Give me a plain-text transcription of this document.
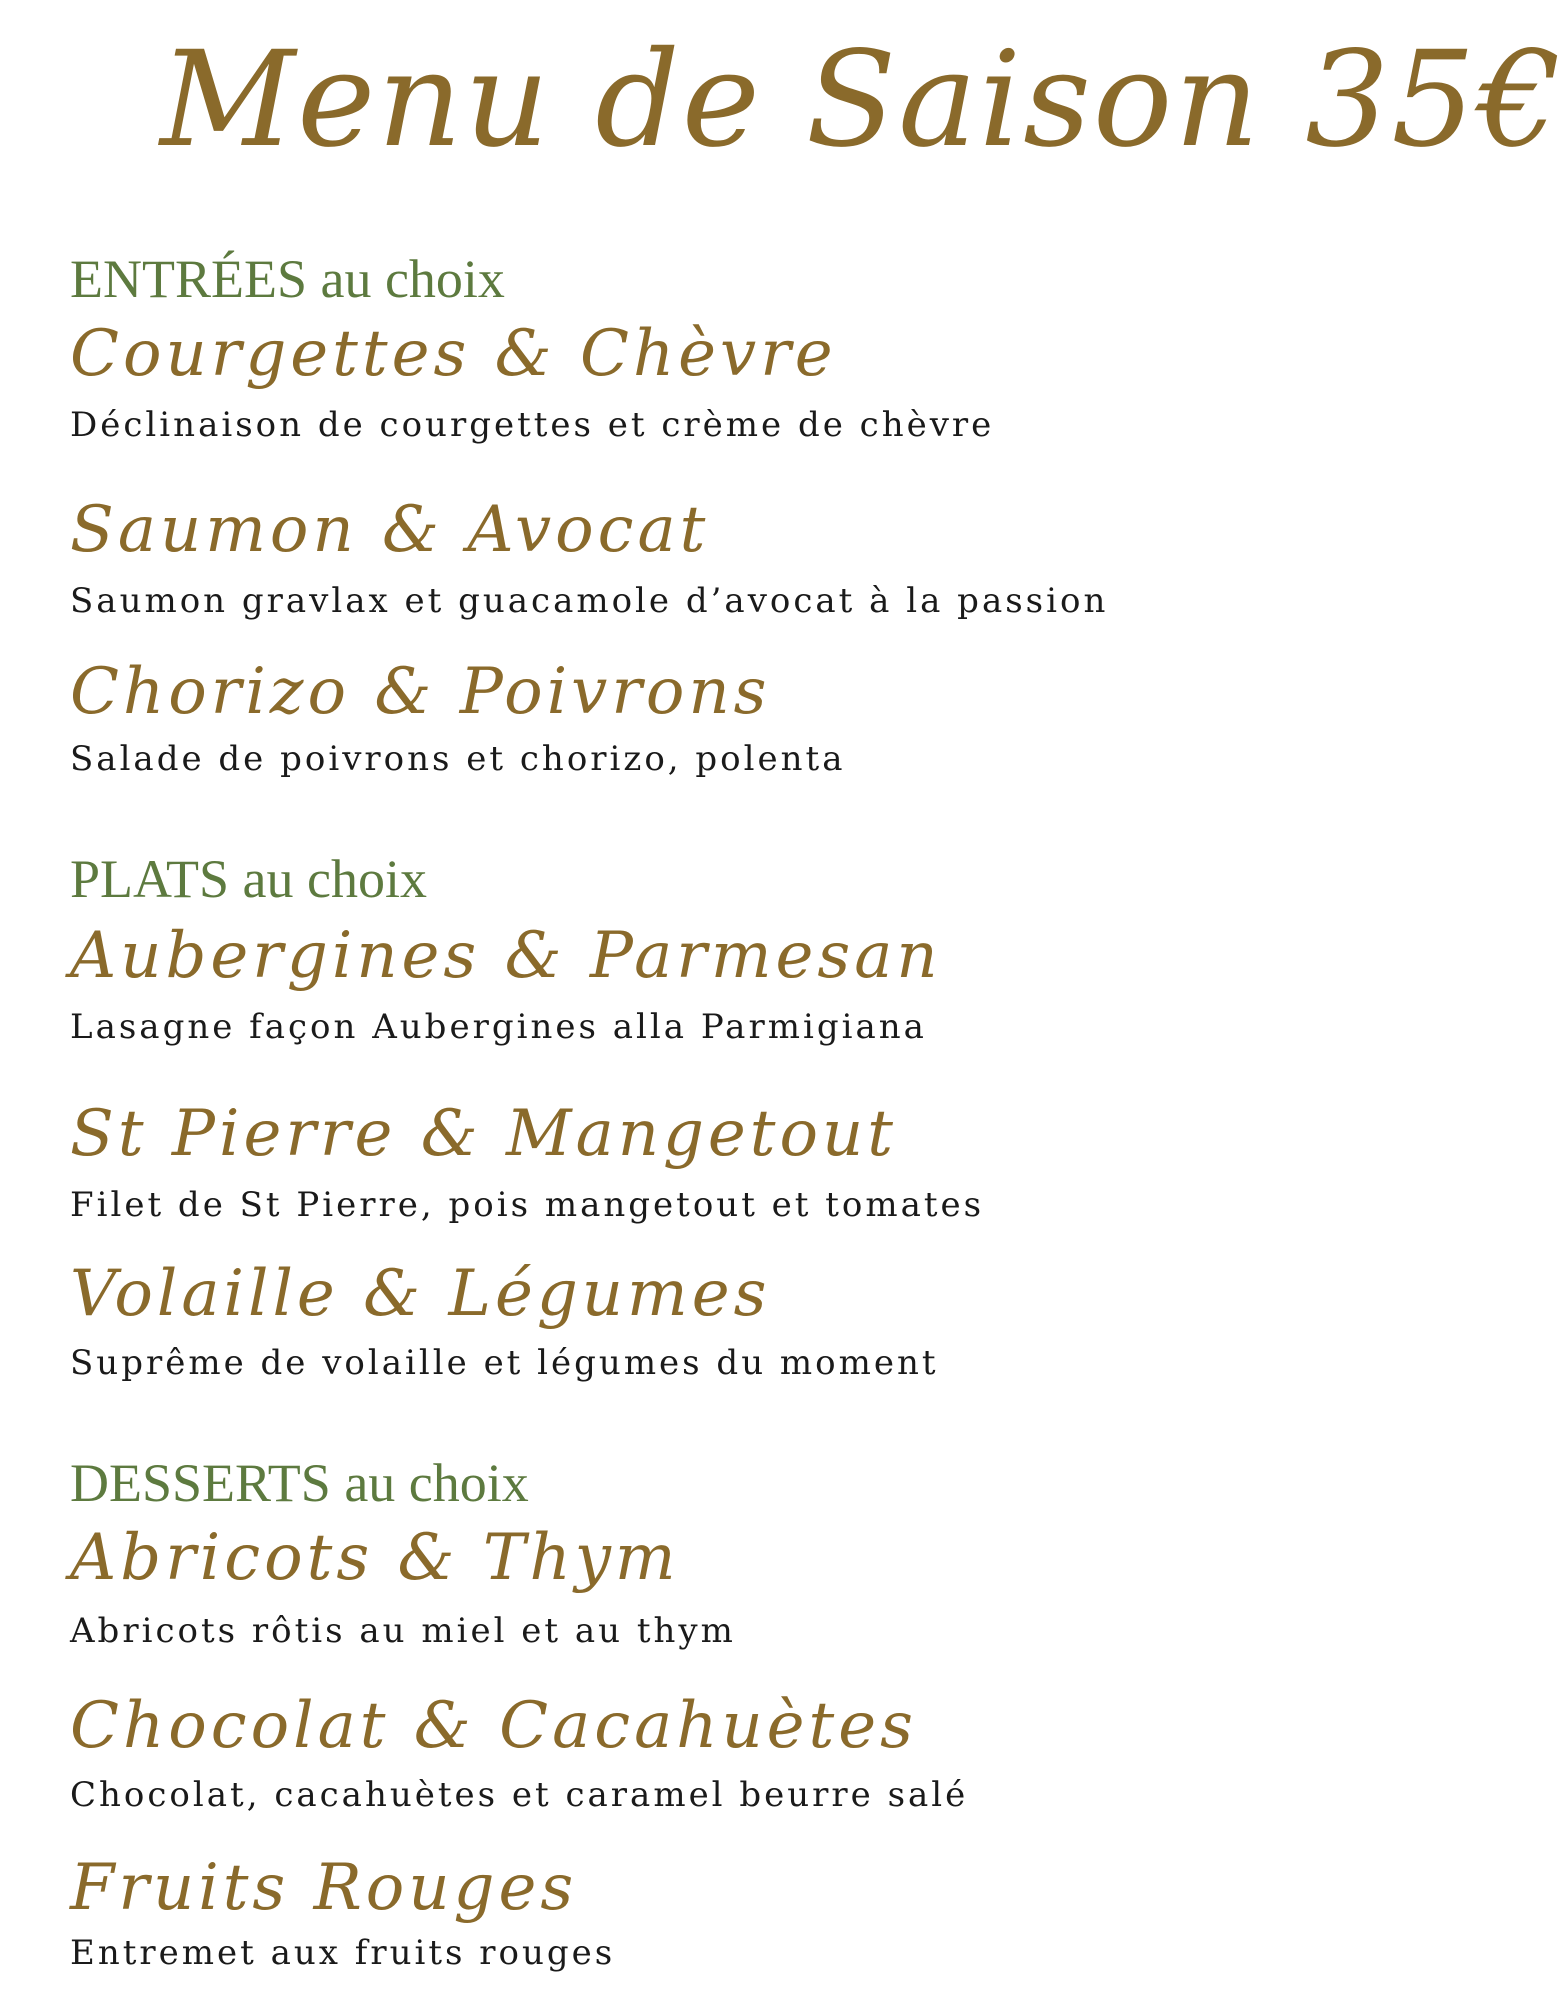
Menu de Saison 35€
ENTRÉES au choix
Courgettes & Chèvre
Déclinaison de courgettes et crème de chèvre
Saumon & Avocat
Saumon gravlax et guacamole d’avocat à la passion
Chorizo & Poivrons
Salade de poivrons et chorizo, polenta
PLATS au choix
Aubergines & Parmesan
Lasagne façon Aubergines alla Parmigiana
St Pierre & Mangetout
Filet de St Pierre, pois mangetout et tomates
Volaille & Légumes
Suprême de volaille et légumes du moment
DESSERTS au choix
Abricots & Thym
Abricots rôtis au miel et au thym
Chocolat & Cacahuètes
Chocolat, cacahuètes et caramel beurre salé
Fruits Rouges
Entremet aux fruits rouges
